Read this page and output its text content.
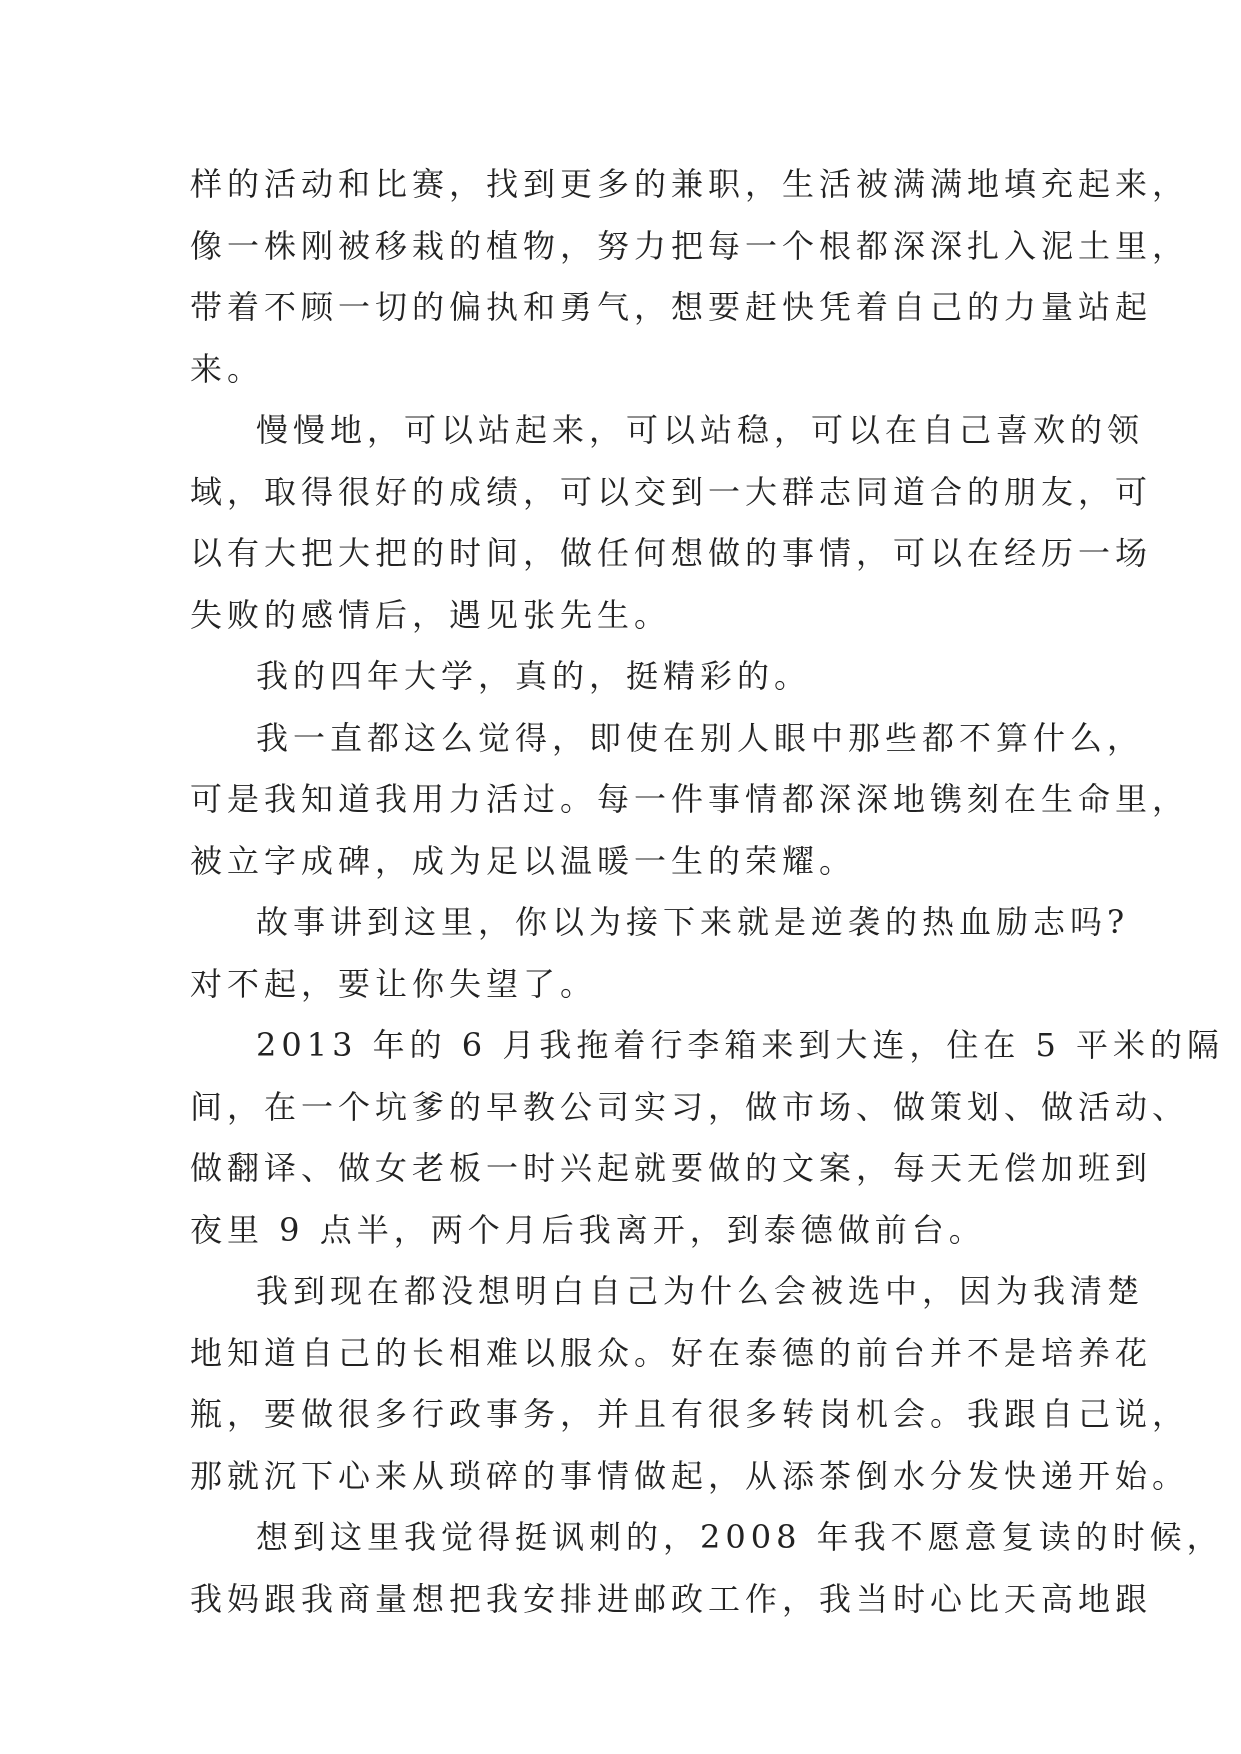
样的活动和比赛，找到更多的兼职，生活被满满地填充起来，
像一株刚被移栽的植物，努力把每一个根都深深扎入泥土里，
带着不顾一切的偏执和勇气，想要赶快凭着自己的力量站起
来。
慢慢地，可以站起来，可以站稳，可以在自己喜欢的领
域，取得很好的成绩，可以交到一大群志同道合的朋友，可
以有大把大把的时间，做任何想做的事情，可以在经历一场
失败的感情后，遇见张先生。
我的四年大学，真的，挺精彩的。
我一直都这么觉得，即使在别人眼中那些都不算什么，
可是我知道我用力活过。每一件事情都深深地镌刻在生命里，
被立字成碑，成为足以温暖一生的荣耀。
故事讲到这里，你以为接下来就是逆袭的热血励志吗?
对不起，要让你失望了。
2013 年的 6 月我拖着行李箱来到大连，住在 5 平米的隔
间，在一个坑爹的早教公司实习，做市场、做策划、做活动、
做翻译、做女老板一时兴起就要做的文案，每天无偿加班到
夜里 9 点半，两个月后我离开，到泰德做前台。
我到现在都没想明白自己为什么会被选中，因为我清楚
地知道自己的长相难以服众。好在泰德的前台并不是培养花
瓶，要做很多行政事务，并且有很多转岗机会。我跟自己说，
那就沉下心来从琐碎的事情做起，从添茶倒水分发快递开始。
想到这里我觉得挺讽刺的，2008 年我不愿意复读的时候，
我妈跟我商量想把我安排进邮政工作，我当时心比天高地跟
